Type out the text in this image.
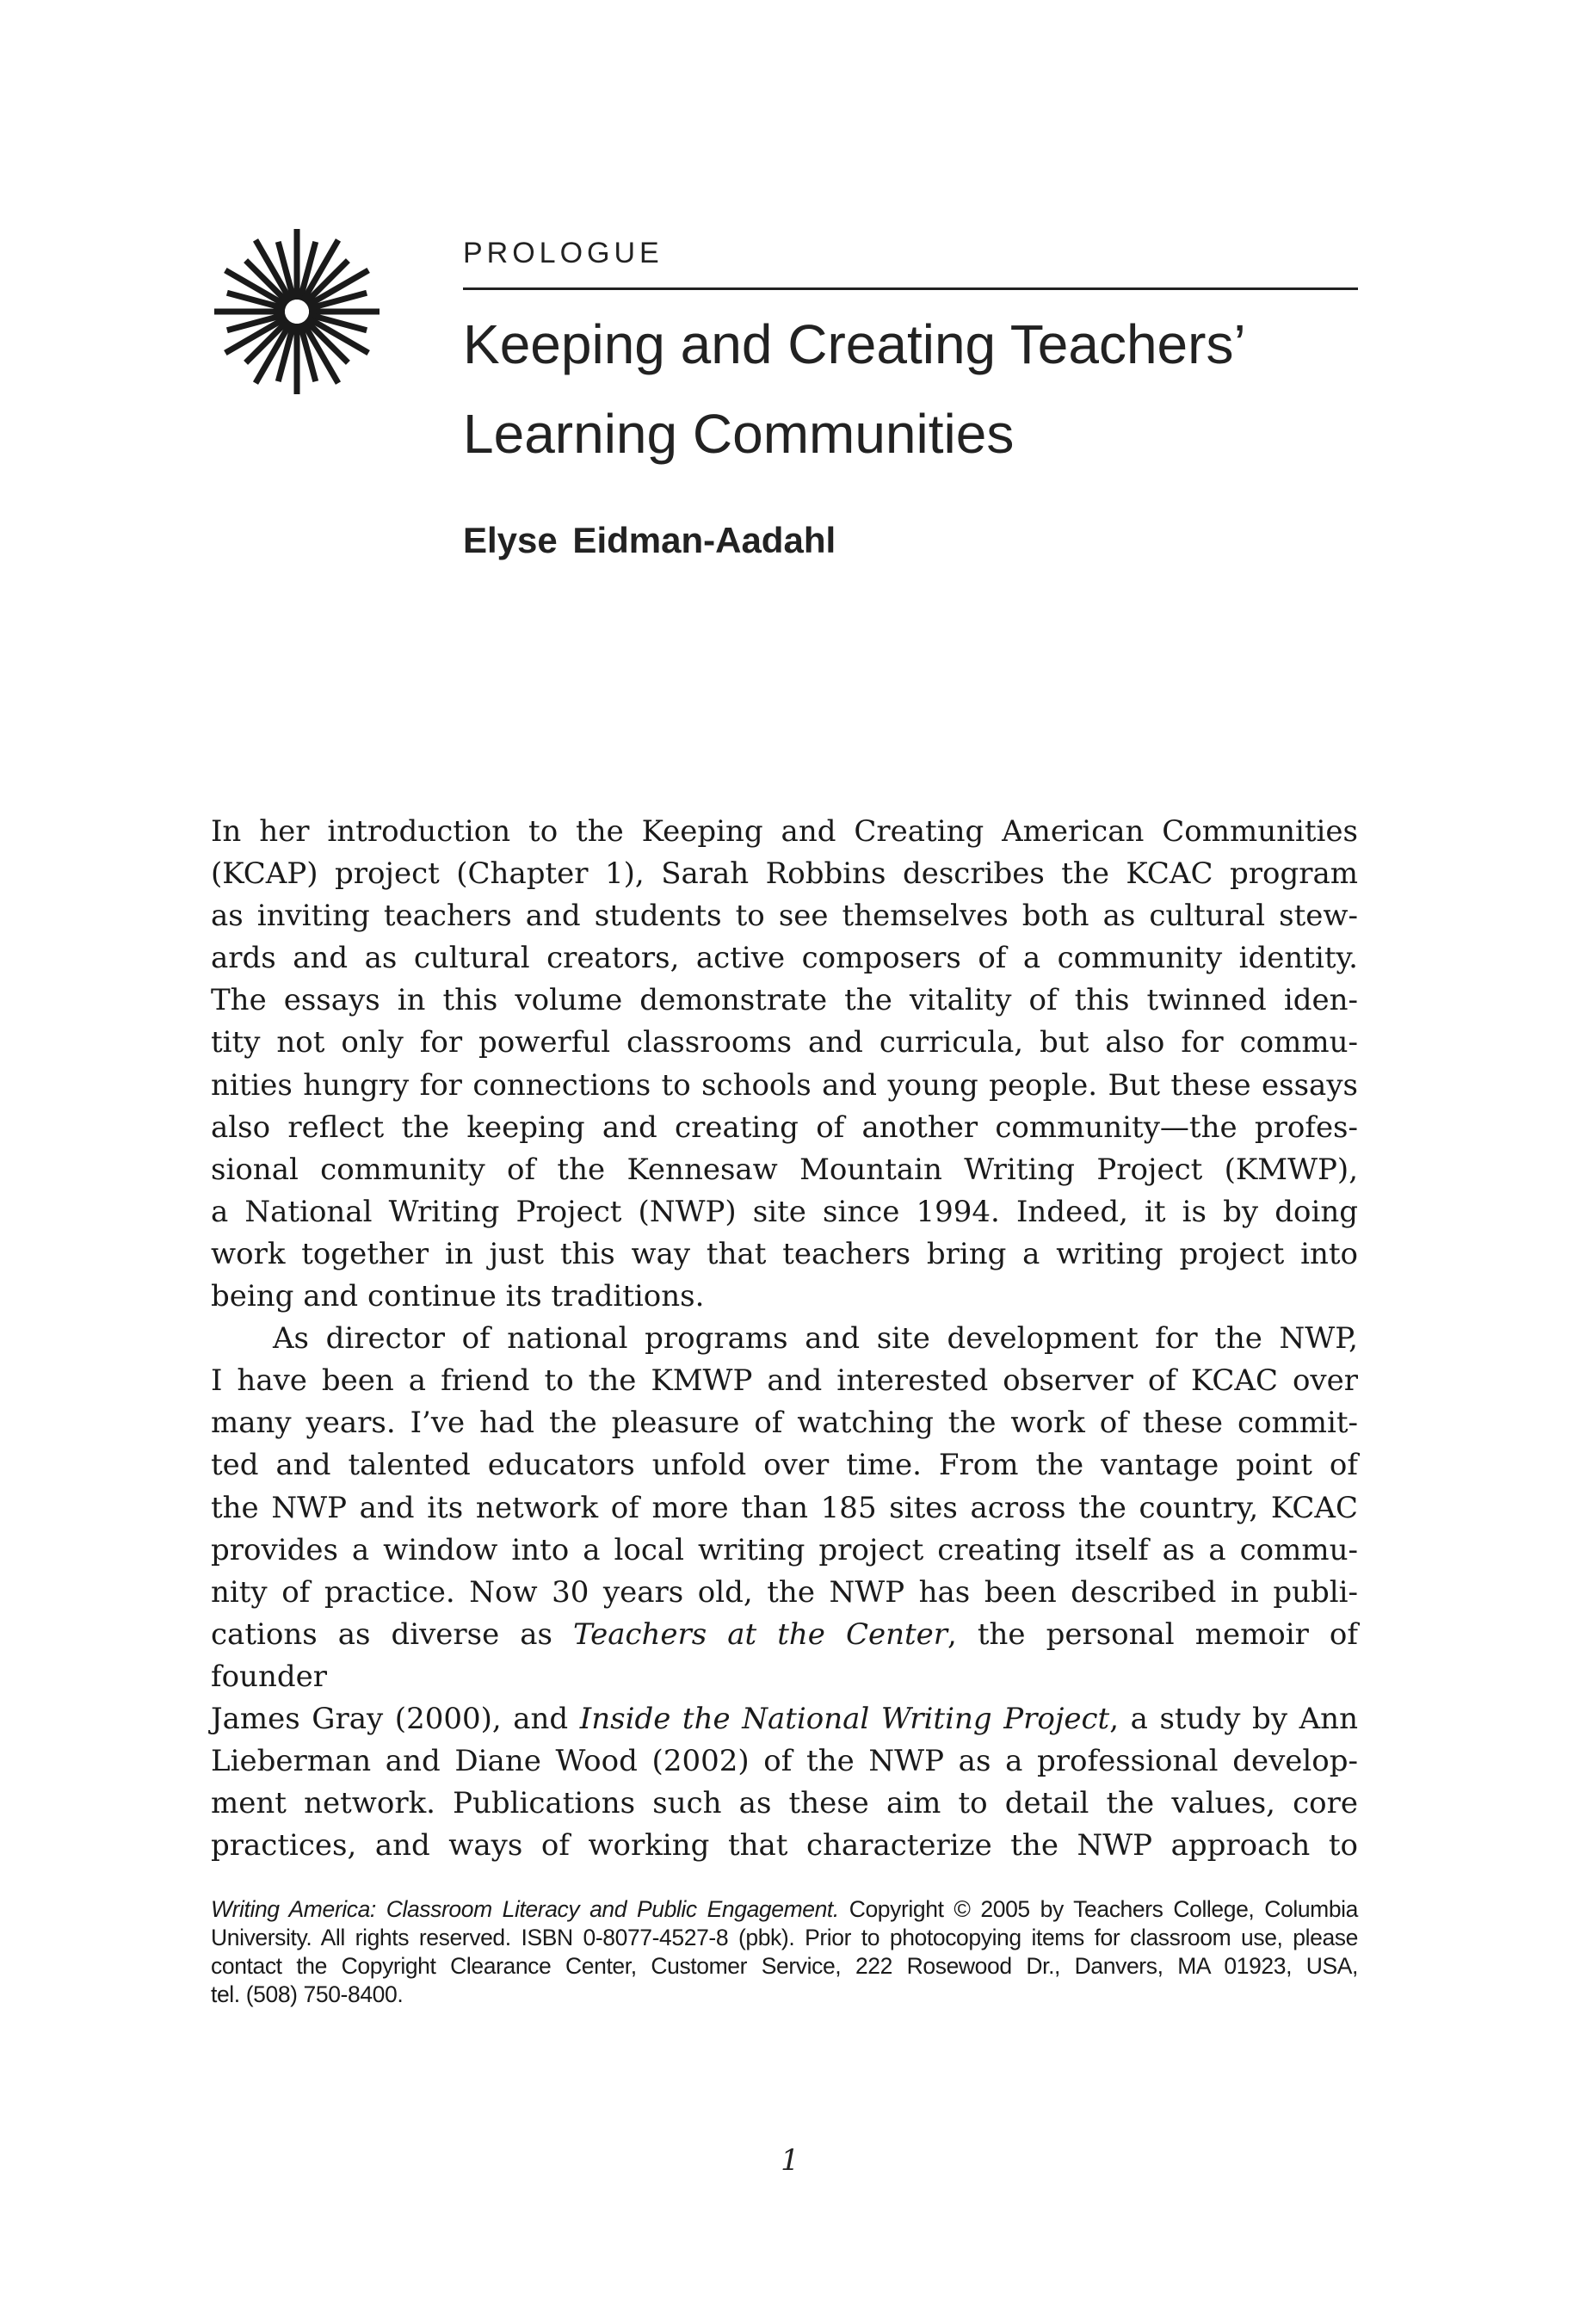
PROLOGUE
Keeping and Creating Teachers’
Learning Communities
Elyse Eidman-Aadahl

In her introduction to the Keeping and Creating American Communities

(KCAP) project (Chapter 1), Sarah Robbins describes the KCAC program

as inviting teachers and students to see themselves both as cultural stew-

ards and as cultural creators, active composers of a community identity.

The essays in this volume demonstrate the vitality of this twinned iden-

tity not only for powerful classrooms and curricula, but also for commu-

nities hungry for connections to schools and young people. But these essays

also reflect the keeping and creating of another community—the profes-

sional community of the Kennesaw Mountain Writing Project (KMWP),

a National Writing Project (NWP) site since 1994. Indeed, it is by doing

work together in just this way that teachers bring a writing project into

being and continue its traditions.

As director of national programs and site development for the NWP,

I have been a friend to the KMWP and interested observer of KCAC over

many years. I’ve had the pleasure of watching the work of these commit-

ted and talented educators unfold over time. From the vantage point of

the NWP and its network of more than 185 sites across the country, KCAC

provides a window into a local writing project creating itself as a commu-

nity of practice. Now 30 years old, the NWP has been described in publi-

cations as diverse as Teachers at the Center, the personal memoir of founder

James Gray (2000), and Inside the National Writing Project, a study by Ann

Lieberman and Diane Wood (2002) of the NWP as a professional develop-

ment network. Publications such as these aim to detail the values, core

practices, and ways of working that characterize the NWP approach to

Writing America: Classroom Literacy and Public Engagement. Copyright © 2005 by Teachers College, Columbia

University. All rights reserved. ISBN 0-8077-4527-8 (pbk). Prior to photocopying items for classroom use, please

contact the Copyright Clearance Center, Customer Service, 222 Rosewood Dr., Danvers, MA 01923, USA,

tel. (508) 750-8400.

1
